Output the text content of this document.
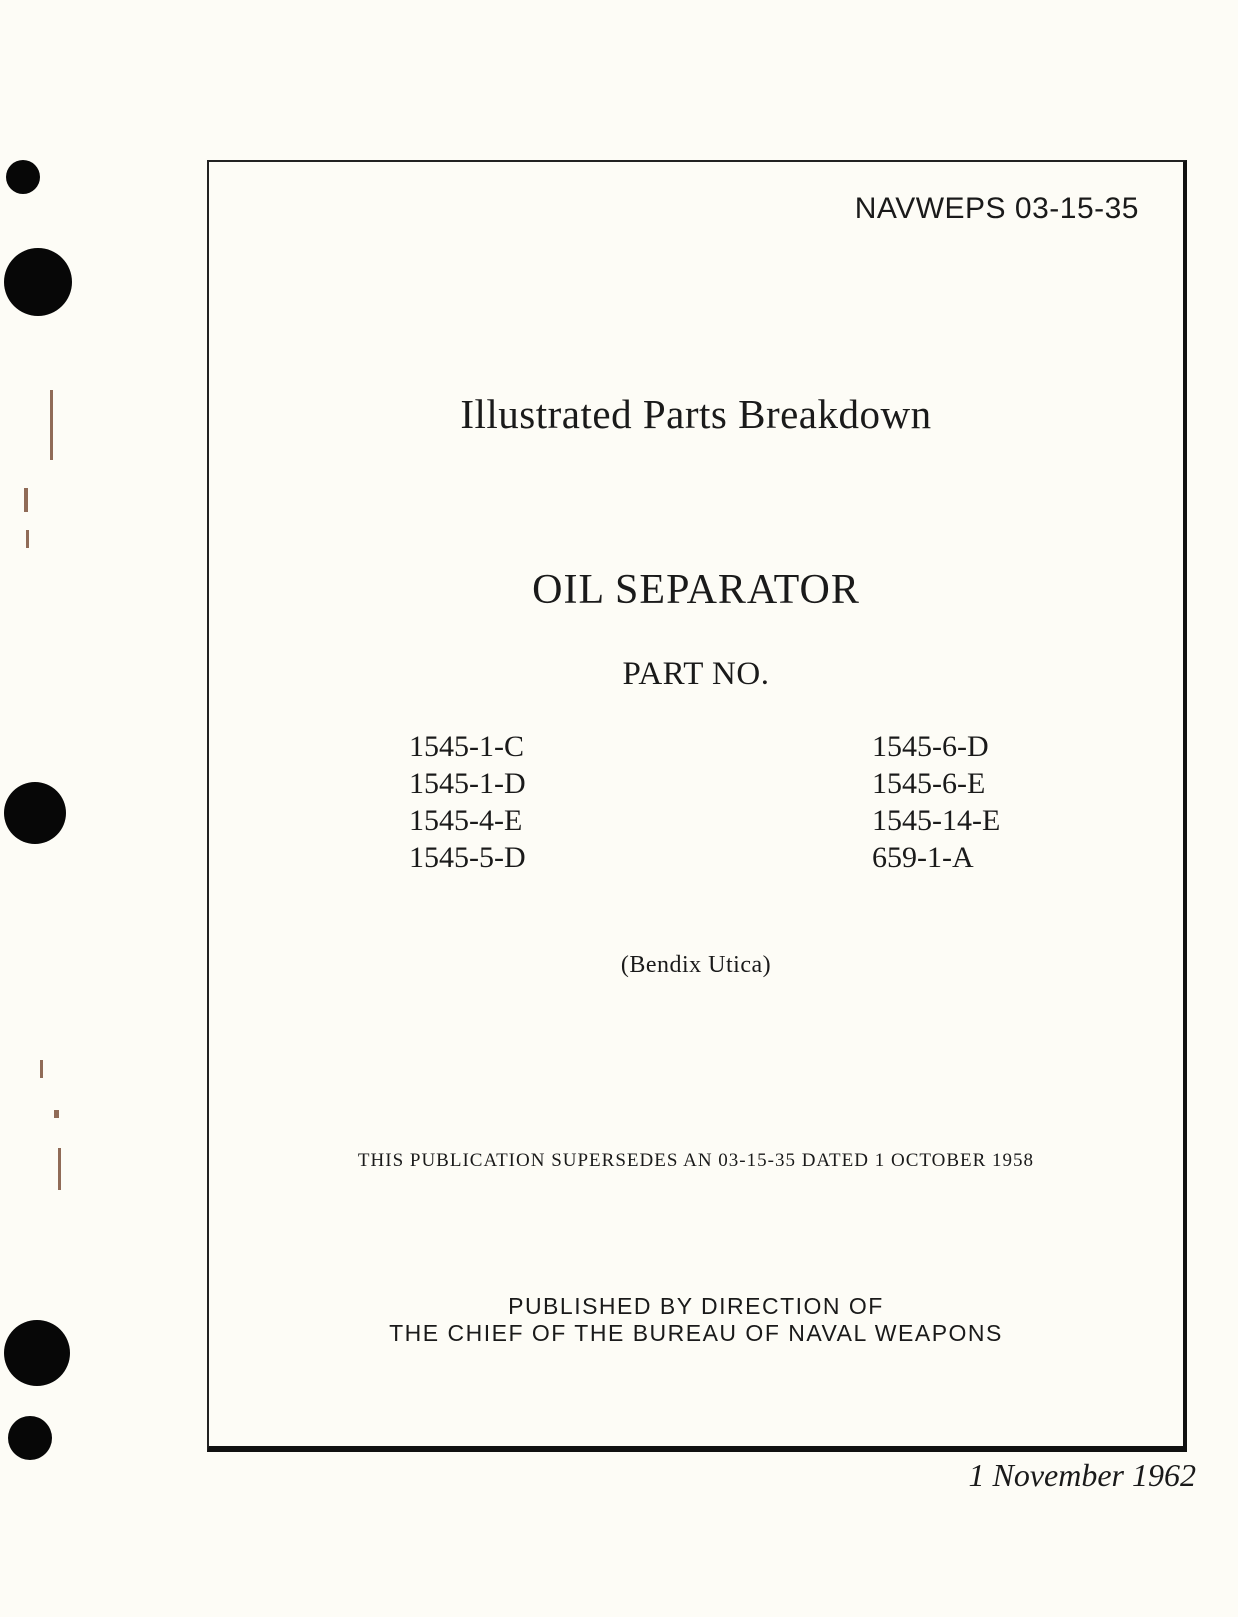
NAVWEPS 03-15-35
Illustrated Parts Breakdown
OIL SEPARATOR
PART NO.
1545-1-C
1545-1-D
1545-4-E
1545-5-D
1545-6-D
1545-6-E
1545-14-E
659-1-A
(Bendix Utica)
THIS PUBLICATION SUPERSEDES AN 03-15-35 DATED 1 OCTOBER 1958
PUBLISHED BY DIRECTION OF
THE CHIEF OF THE BUREAU OF NAVAL WEAPONS
1 November 1962
